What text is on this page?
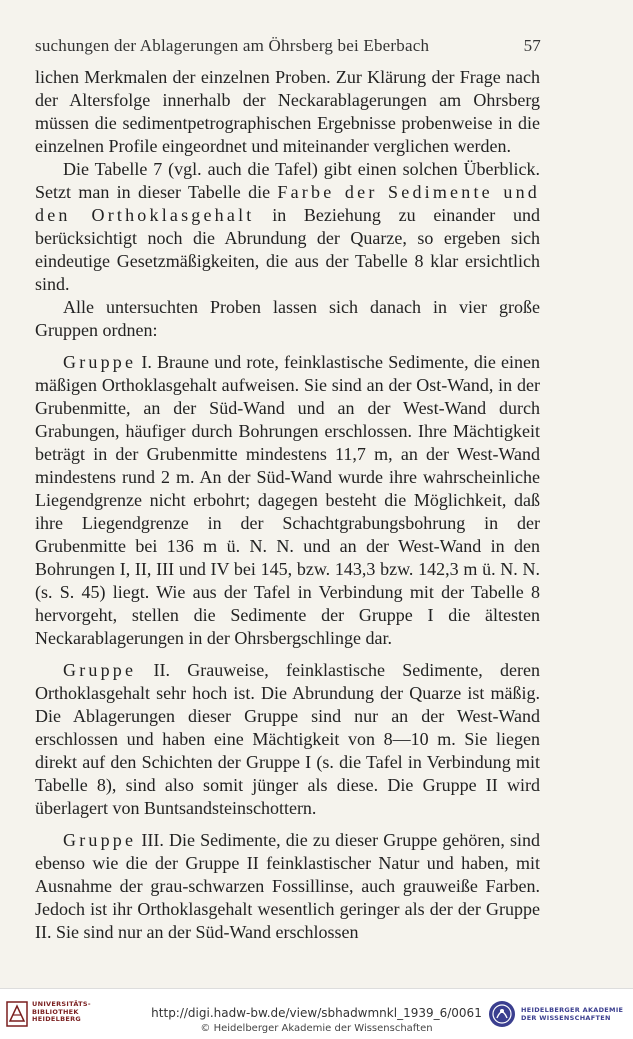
suchungen der Ablagerungen am Öhrsberg bei Eberbach	57

lichen Merkmalen der einzelnen Proben. Zur Klärung der Frage nach der Altersfolge innerhalb der Neckarablagerungen am Ohrsberg müssen die sedimentpetrographischen Ergebnisse probenweise in die einzelnen Profile eingeordnet und miteinander verglichen werden.

Die Tabelle 7 (vgl. auch die Tafel) gibt einen solchen Überblick. Setzt man in dieser Tabelle die Farbe der Sedimente und den Orthoklasgehalt in Beziehung zu einander und berücksichtigt noch die Abrundung der Quarze, so ergeben sich eindeutige Gesetzmäßigkeiten, die aus der Tabelle 8 klar ersichtlich sind.

Alle untersuchten Proben lassen sich danach in vier große Gruppen ordnen:

Gruppe I. Braune und rote, feinklastische Sedimente, die einen mäßigen Orthoklasgehalt aufweisen. Sie sind an der Ost-Wand, in der Grubenmitte, an der Süd-Wand und an der West-Wand durch Grabungen, häufiger durch Bohrungen erschlossen. Ihre Mächtigkeit beträgt in der Grubenmitte mindestens 11,7 m, an der West-Wand mindestens rund 2 m. An der Süd-Wand wurde ihre wahrscheinliche Liegendgrenze nicht erbohrt; dagegen besteht die Möglichkeit, daß ihre Liegendgrenze in der Schachtgrabungsbohrung in der Grubenmitte bei 136 m ü. N. N. und an der West-Wand in den Bohrungen I, II, III und IV bei 145, bzw. 143,3 bzw. 142,3 m ü. N. N. (s. S. 45) liegt. Wie aus der Tafel in Verbindung mit der Tabelle 8 hervorgeht, stellen die Sedimente der Gruppe I die ältesten Neckarablagerungen in der Ohrsbergschlinge dar.

Gruppe II. Grauweise, feinklastische Sedimente, deren Orthoklasgehalt sehr hoch ist. Die Abrundung der Quarze ist mäßig. Die Ablagerungen dieser Gruppe sind nur an der West-Wand erschlossen und haben eine Mächtigkeit von 8—10 m. Sie liegen direkt auf den Schichten der Gruppe I (s. die Tafel in Verbindung mit Tabelle 8), sind also somit jünger als diese. Die Gruppe II wird überlagert von Buntsandsteinschottern.

Gruppe III. Die Sedimente, die zu dieser Gruppe gehören, sind ebenso wie die der Gruppe II feinklastischer Natur und haben, mit Ausnahme der grau-schwarzen Fossillinse, auch grauweiße Farben. Jedoch ist ihr Orthoklasgehalt wesentlich geringer als der der Gruppe II. Sie sind nur an der Süd-Wand erschlossen

UNIVERSITÄTS-
BIBLIOTHEK
HEIDELBERG	http://digi.hadw-bw.de/view/sbhadwmnkl_1939_6/0061
© Heidelberger Akademie der Wissenschaften
HEIDELBERGER AKADEMIE
DER WISSENSCHAFTEN
